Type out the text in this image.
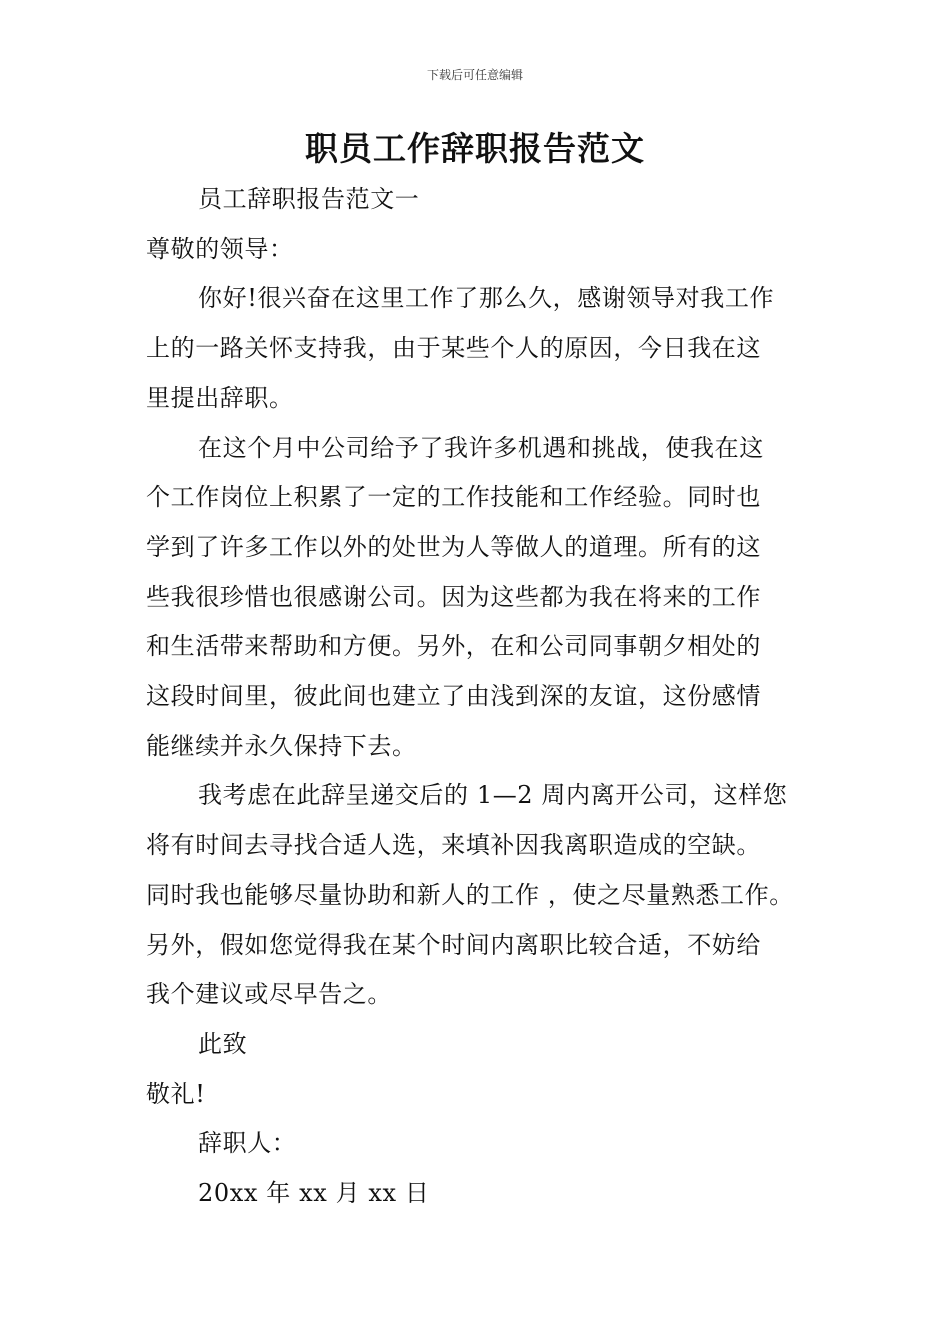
下载后可任意编辑
职员工作辞职报告范文

员工辞职报告范文一

尊敬的领导：

你好!很兴奋在这里工作了那么久，感谢领导对我工作
上的一路关怀支持我，由于某些个人的原因，今日我在这
里提出辞职。

在这个月中公司给予了我许多机遇和挑战，使我在这
个工作岗位上积累了一定的工作技能和工作经验。同时也
学到了许多工作以外的处世为人等做人的道理。所有的这
些我很珍惜也很感谢公司。因为这些都为我在将来的工作
和生活带来帮助和方便。另外，在和公司同事朝夕相处的
这段时间里，彼此间也建立了由浅到深的友谊，这份感情
能继续并永久保持下去。

我考虑在此辞呈递交后的 1—2 周内离开公司，这样您
将有时间去寻找合适人选，来填补因我离职造成的空缺。
同时我也能够尽量协助和新人的工作 ，使之尽量熟悉工作。
另外，假如您觉得我在某个时间内离职比较合适，不妨给
我个建议或尽早告之。

此致

敬礼!

辞职人：

20xx 年 xx 月 xx 日
